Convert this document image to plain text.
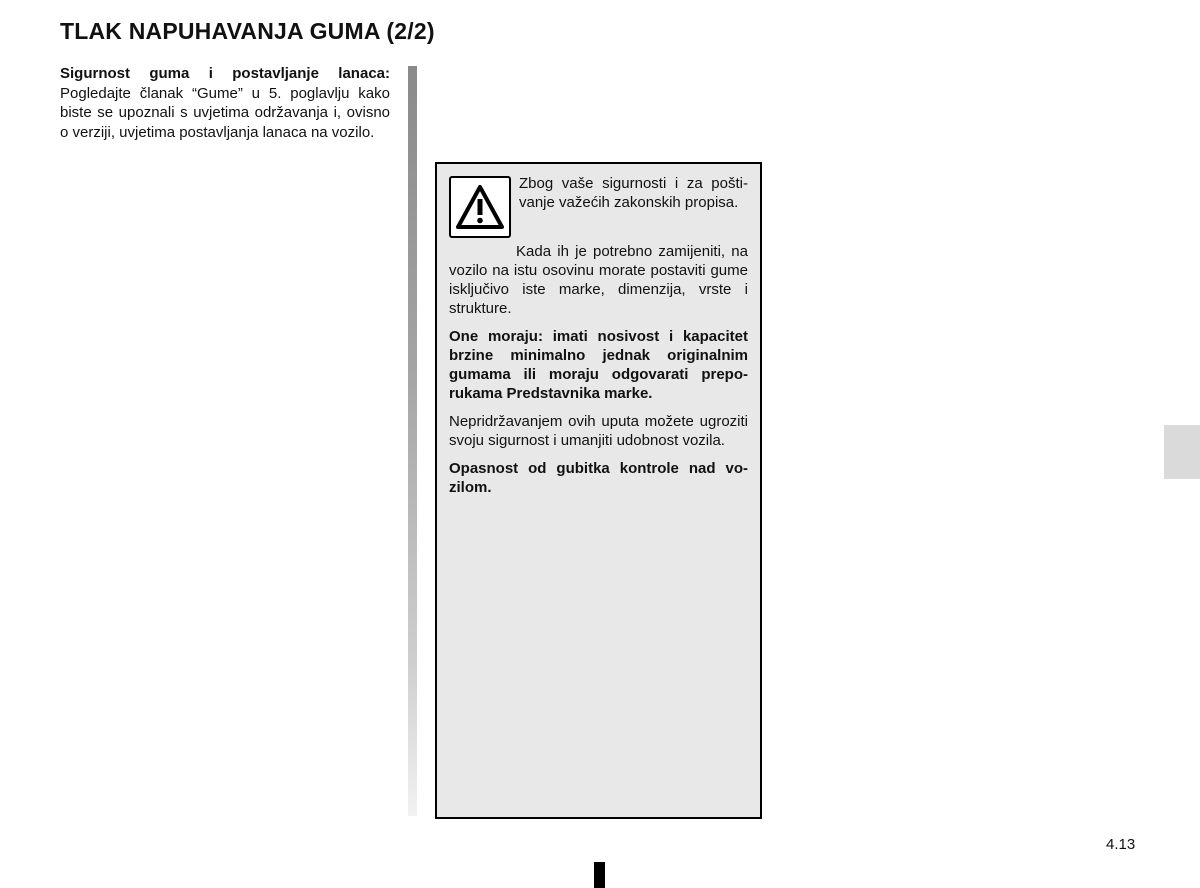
TLAK NAPUHAVANJA GUMA (2/2)
Sigurnost guma i postavljanje lanaca: Pogledajte članak “Gume” u 5. poglavlju kako biste se upoznali s uvjetima održavanja i, ovisno o verziji, uvjetima postavljanja lanaca na vozilo.

Zbog vaše sigurnosti i za poštivanje važećih zakonskih propisa.

Kada ih je potrebno zamijeniti, na vozilo na istu osovinu morate postaviti gume isključivo iste marke, dimenzija, vrste i strukture.

One moraju: imati nosivost i kapacitet brzine minimalno jednak originalnim gumama ili moraju odgovarati preporukama Predstavnika marke.

Nepridržavanjem ovih uputa možete ugroziti svoju sigurnost i umanjiti udobnost vozila.

Opasnost od gubitka kontrole nad vozilom.

4.13
